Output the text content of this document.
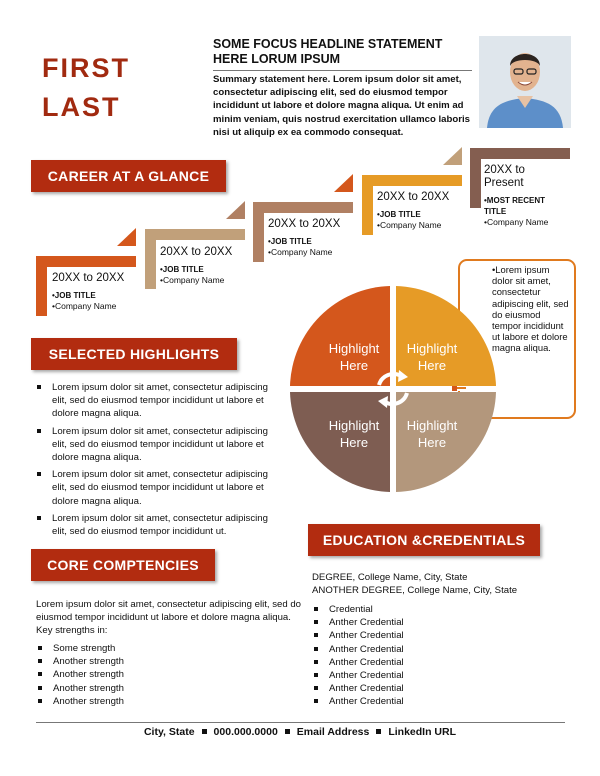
FIRST
LAST
SOME FOCUS HEADLINE STATEMENT HERE LORUM IPSUM
Summary statement here. Lorem ipsum dolor sit amet, consectetur adipiscing elit, sed do eiusmod tempor incididunt ut labore et dolore magna aliqua. Ut enim ad minim veniam, quis nostrud exercitation ullamco laboris nisi ut aliquip ex ea commodo consequat.
CAREER AT A GLANCE
20XX to 20XX
•JOB TITLE
•Company Name
20XX to 20XX
•JOB TITLE
•Company Name
20XX to 20XX
•JOB TITLE
•Company Name
20XX to 20XX
•JOB TITLE
•Company Name
20XX to Present
•MOST RECENT TITLE
•Company Name
•Lorem ipsum dolor sit amet, consectetur adipiscing elit, sed do eiusmod tempor incididunt ut labore et dolore magna aliqua.
Highlight Here
Highlight Here
Highlight Here
Highlight Here
SELECTED HIGHLIGHTS
Lorem ipsum dolor sit amet, consectetur adipiscing elit, sed do eiusmod tempor incididunt ut labore et dolore magna aliqua.
Lorem ipsum dolor sit amet, consectetur adipiscing elit, sed do eiusmod tempor incididunt ut labore et dolore magna aliqua.
Lorem ipsum dolor sit amet, consectetur adipiscing elit, sed do eiusmod tempor incididunt ut labore et dolore magna aliqua.
Lorem ipsum dolor sit amet, consectetur adipiscing elit, sed do eiusmod tempor incididunt ut.
CORE COMPTENCIES
Lorem ipsum dolor sit amet, consectetur adipiscing elit, sed do eiusmod tempor incididunt ut labore et dolore magna aliqua. Key strengths in:
Some strength
Another strength
Another strength
Another strength
Another strength
EDUCATION &CREDENTIALS
DEGREE, College Name, City, State
ANOTHER DEGREE, College Name, City, State
Credential
Anther Credential
Anther Credential
Anther Credential
Anther Credential
Anther Credential
Anther Credential
Anther Credential
City, State 000.000.0000 Email Address LinkedIn URL
